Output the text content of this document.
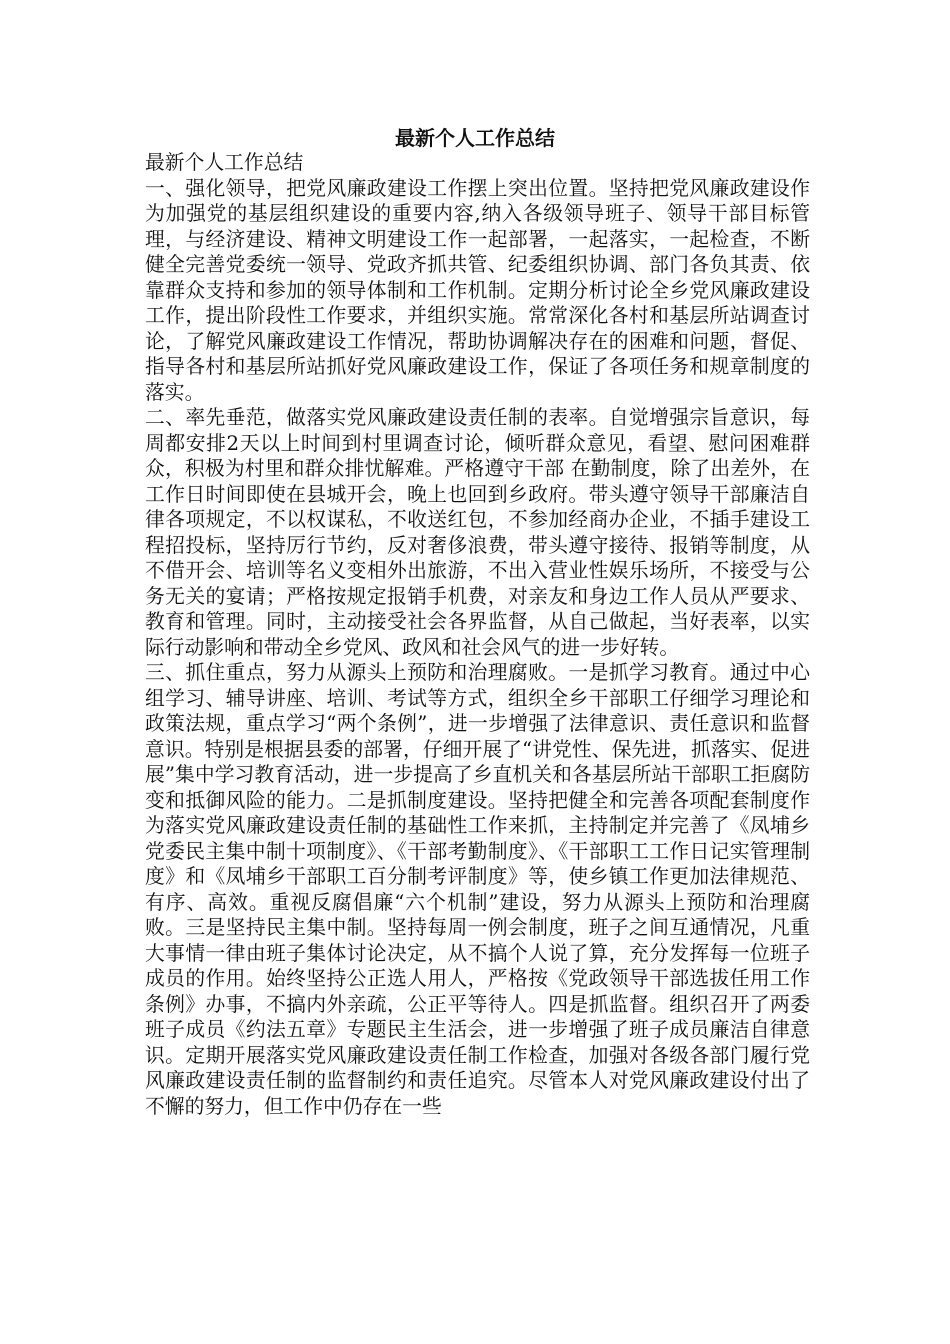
最新个人工作总结

最新个人工作总结

一、强化领导，把党风廉政建设工作摆上突出位置。坚持把党风廉政建设作为加强党的基层组织建设的重要内容,纳入各级领导班子、领导干部目标管理，与经济建设、精神文明建设工作一起部署，一起落实，一起检查，不断健全完善党委统一领导、党政齐抓共管、纪委组织协调、部门各负其责、依靠群众支持和参加的领导体制和工作机制。定期分析讨论全乡党风廉政建设工作，提出阶段性工作要求，并组织实施。常常深化各村和基层所站调查讨论，了解党风廉政建设工作情况，帮助协调解决存在的困难和问题，督促、指导各村和基层所站抓好党风廉政建设工作，保证了各项任务和规章制度的落实。

二、率先垂范，做落实党风廉政建设责任制的表率。自觉增强宗旨意识，每周都安排2天以上时间到村里调查讨论，倾听群众意见，看望、慰问困难群众，积极为村里和群众排忧解难。严格遵守干部 在勤制度，除了出差外，在工作日时间即使在县城开会，晚上也回到乡政府。带头遵守领导干部廉洁自律各项规定，不以权谋私，不收送红包，不参加经商办企业，不插手建设工程招投标，坚持厉行节约，反对奢侈浪费，带头遵守接待、报销等制度，从不借开会、培训等名义变相外出旅游，不出入营业性娱乐场所，不接受与公务无关的宴请；严格按规定报销手机费，对亲友和身边工作人员从严要求、教育和管理。同时，主动接受社会各界监督，从自己做起，当好表率，以实际行动影响和带动全乡党风、政风和社会风气的进一步好转。

三、抓住重点，努力从源头上预防和治理腐败。一是抓学习教育。通过中心组学习、辅导讲座、培训、考试等方式，组织全乡干部职工仔细学习理论和政策法规，重点学习“两个条例”，进一步增强了法律意识、责任意识和监督意识。特别是根据县委的部署，仔细开展了“讲党性、保先进，抓落实、促进展”集中学习教育活动，进一步提高了乡直机关和各基层所站干部职工拒腐防变和抵御风险的能力。二是抓制度建设。坚持把健全和完善各项配套制度作为落实党风廉政建设责任制的基础性工作来抓，主持制定并完善了《凤埔乡党委民主集中制十项制度》、《干部考勤制度》、《干部职工工作日记实管理制度》和《凤埔乡干部职工百分制考评制度》等，使乡镇工作更加法律规范、有序、高效。重视反腐倡廉“六个机制”建设，努力从源头上预防和治理腐败。三是坚持民主集中制。坚持每周一例会制度，班子之间互通情况，凡重大事情一律由班子集体讨论决定，从不搞个人说了算，充分发挥每一位班子成员的作用。始终坚持公正选人用人，严格按《党政领导干部选拔任用工作条例》办事，不搞内外亲疏，公正平等待人。四是抓监督。组织召开了两委班子成员《约法五章》专题民主生活会，进一步增强了班子成员廉洁自律意识。定期开展落实党风廉政建设责任制工作检查，加强对各级各部门履行党风廉政建设责任制的监督制约和责任追究。尽管本人对党风廉政建设付出了不懈的努力，但工作中仍存在一些
